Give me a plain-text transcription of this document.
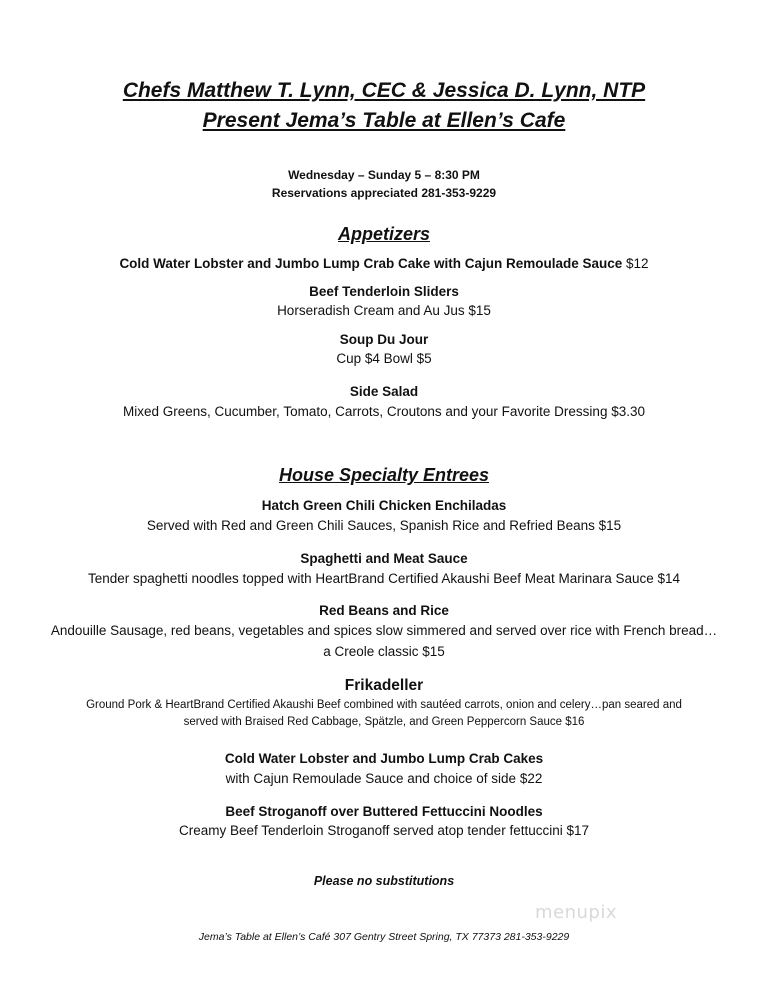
Chefs Matthew T. Lynn, CEC & Jessica D. Lynn, NTP
Present Jema’s Table at Ellen’s Cafe
Wednesday – Sunday 5 – 8:30 PM
Reservations appreciated 281-353-9229
Appetizers
Cold Water Lobster and Jumbo Lump Crab Cake with Cajun Remoulade Sauce $12
Beef Tenderloin Sliders
Horseradish Cream and Au Jus $15
Soup Du Jour
Cup $4 Bowl $5
Side Salad
Mixed Greens, Cucumber, Tomato, Carrots, Croutons and your Favorite Dressing $3.30
House Specialty Entrees
Hatch Green Chili Chicken Enchiladas
Served with Red and Green Chili Sauces, Spanish Rice and Refried Beans $15
Spaghetti and Meat Sauce
Tender spaghetti noodles topped with HeartBrand Certified Akaushi Beef Meat Marinara Sauce $14
Red Beans and Rice
Andouille Sausage, red beans, vegetables and spices slow simmered and served over rice with French bread…
a Creole classic $15
Frikadeller
Ground Pork & HeartBrand Certified Akaushi Beef combined with sautéed carrots, onion and celery…pan seared and
served with Braised Red Cabbage, Spätzle, and Green Peppercorn Sauce $16
Cold Water Lobster and Jumbo Lump Crab Cakes
with Cajun Remoulade Sauce and choice of side $22
Beef Stroganoff over Buttered Fettuccini Noodles
Creamy Beef Tenderloin Stroganoff served atop tender fettuccini $17
Please no substitutions
menupix
Jema’s Table at Ellen’s Café 307 Gentry Street Spring, TX 77373 281-353-9229
